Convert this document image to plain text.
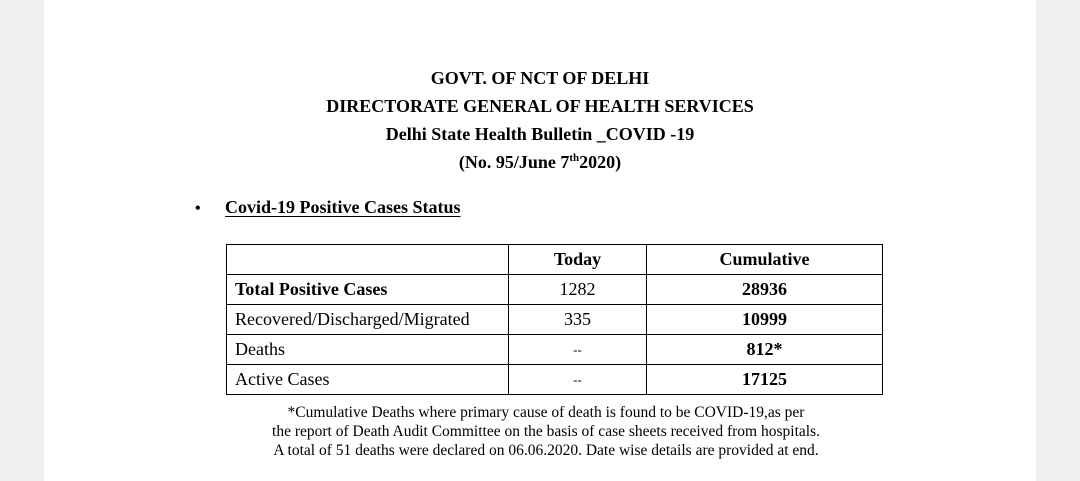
GOVT. OF NCT OF DELHI
DIRECTORATE GENERAL OF HEALTH SERVICES
Delhi State Health Bulletin _COVID -19
(No. 95/June 7th2020)
• Covid-19 Positive Cases Status
	Today	Cumulative
Total Positive Cases	1282	28936
Recovered/Discharged/Migrated	335	10999
Deaths	--	812*
Active Cases	--	17125
*Cumulative Deaths where primary cause of death is found to be COVID-19,as per
the report of Death Audit Committee on the basis of case sheets received from hospitals.
A total of 51 deaths were declared on 06.06.2020. Date wise details are provided at end.
